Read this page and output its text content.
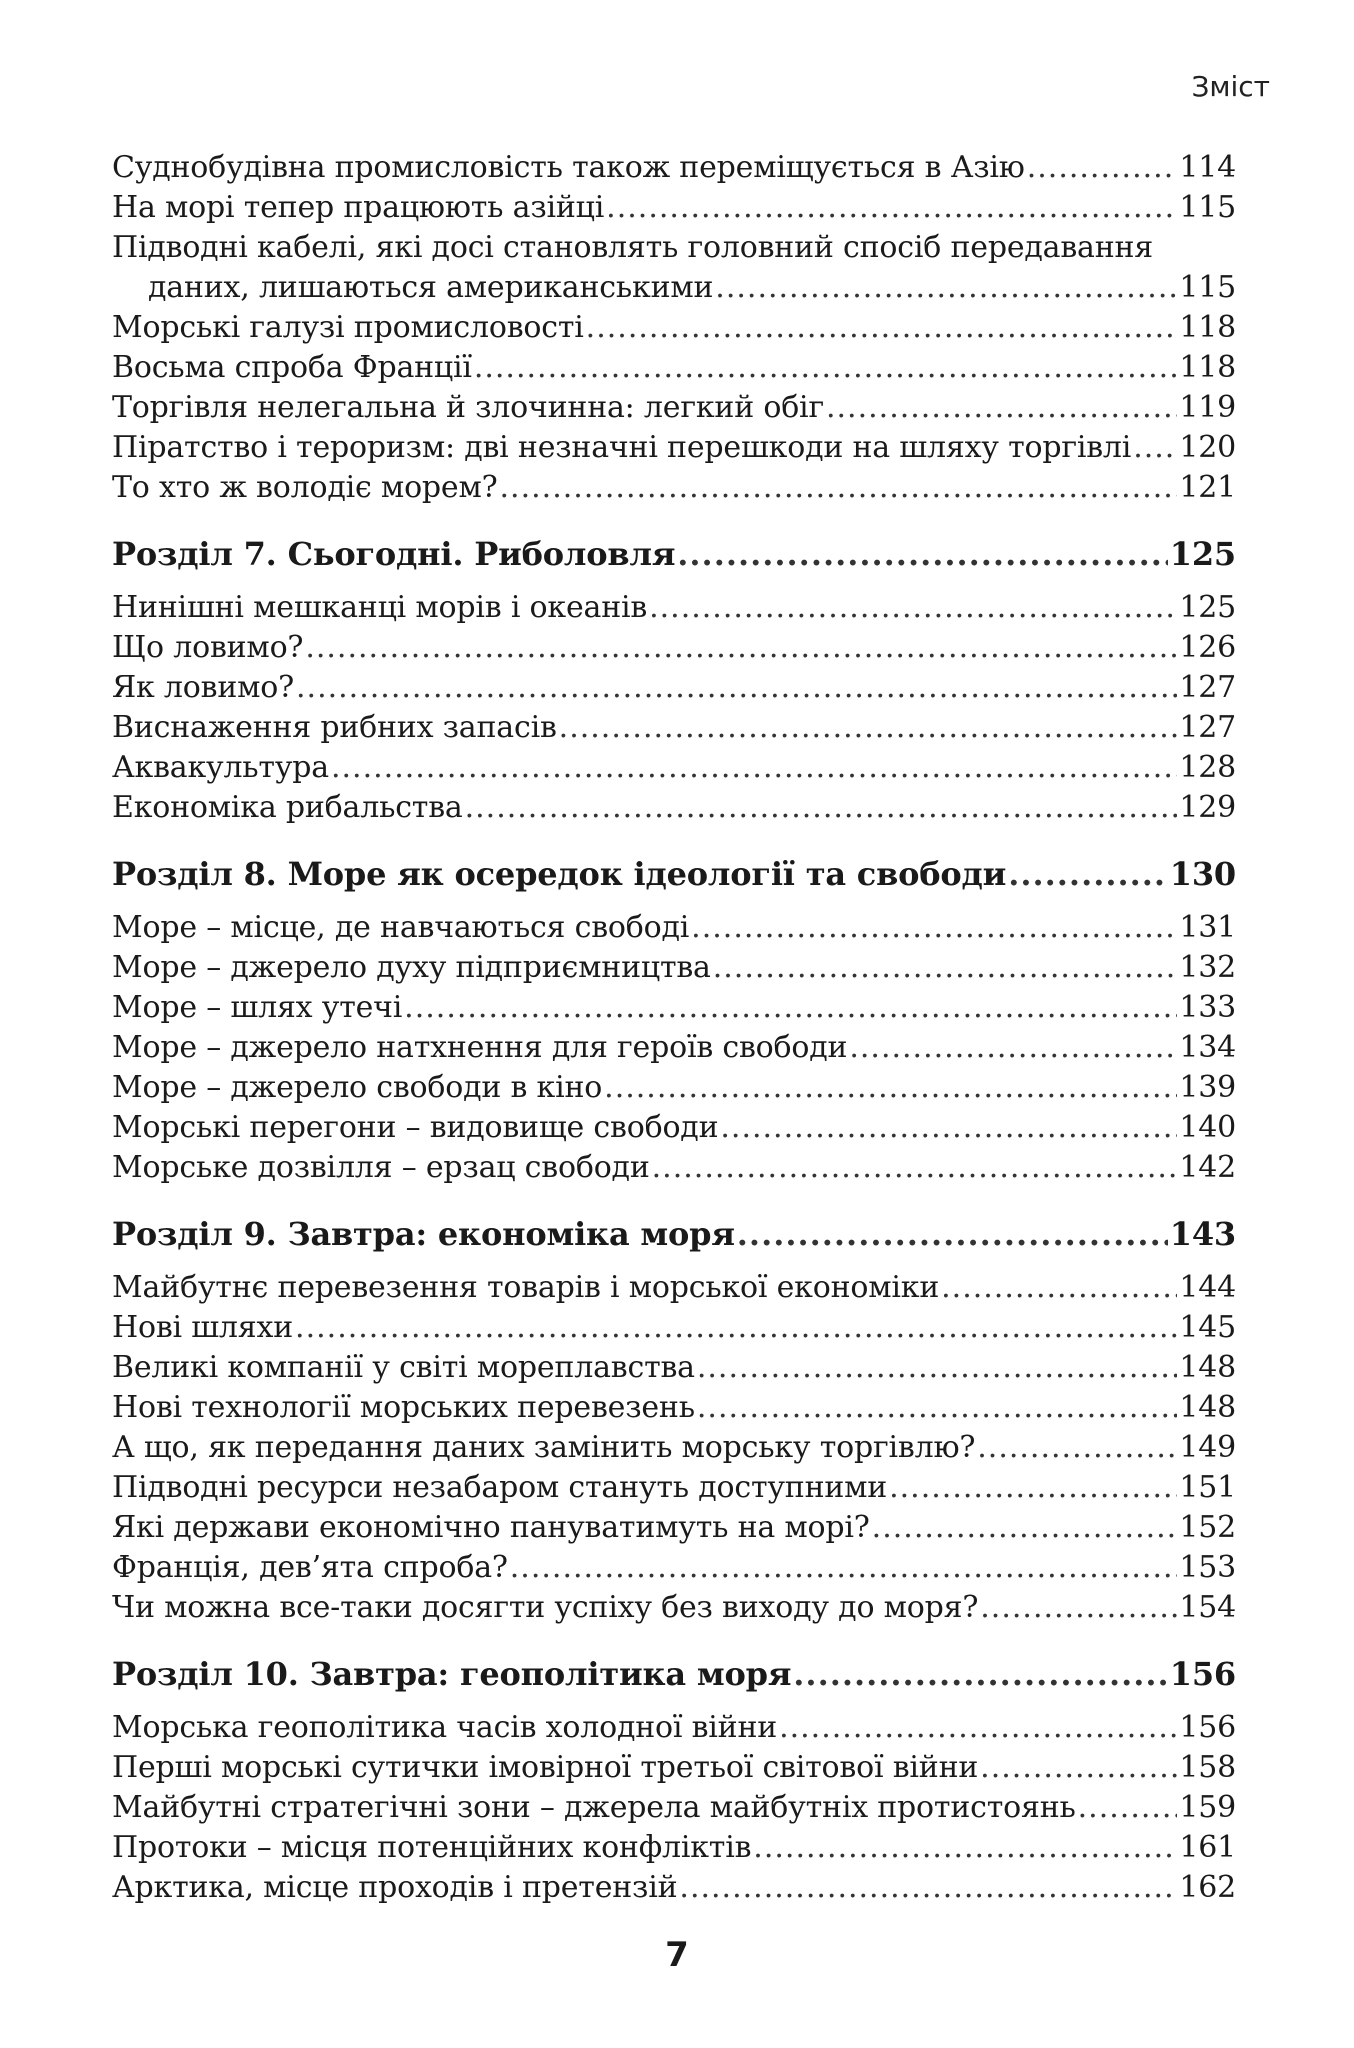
Зміст
Суднобудівна промисловість також переміщується в Азію .....	114
На морі тепер працюють азійці .....	115
Підводні кабелі, які досі становлять головний спосіб передавання
даних, лишаються американськими .....	115
Морські галузі промисловості .....	118
Восьма спроба Франції .....	118
Торгівля нелегальна й злочинна: легкий обіг .....	119
Піратство і тероризм: дві незначні перешкоди на шляху торгівлі ..... 120
То хто ж володіє морем? .....	121
Розділ 7. Сьогодні. Риболовля .....	125
Нинішні мешканці морів і океанів .....	125
Що ловимо? .....	126
Як ловимо? .....	127
Виснаження рибних запасів .....	127
Аквакультура .....	128
Економіка рибальства .....	129
Розділ 8. Море як осередок ідеології та свободи .....	130
Море – місце, де навчаються свободі .....	131
Море – джерело духу підприємництва .....	132
Море – шлях утечі .....	133
Море – джерело натхнення для героїв свободи .....	134
Море – джерело свободи в кіно .....	139
Морські перегони – видовище свободи .....	140
Морське дозвілля – ерзац свободи .....	142
Розділ 9. Завтра: економіка моря .....	143
Майбутнє перевезення товарів і морської економіки .....	144
Нові шляхи .....	145
Великі компанії у світі мореплавства .....	148
Нові технології морських перевезень .....	148
А що, як передання даних замінить морську торгівлю? .....	149
Підводні ресурси незабаром стануть доступними .....	151
Які держави економічно пануватимуть на морі? .....	152
Франція, дев’ята спроба? .....	153
Чи можна все-таки досягти успіху без виходу до моря? .....	154
Розділ 10. Завтра: геополітика моря .....	156
Морська геополітика часів холодної війни .....	156
Перші морські сутички імовірної третьої світової війни .....	158
Майбутні стратегічні зони – джерела майбутніх протистоянь .....	159
Протоки – місця потенційних конфліктів .....	161
Арктика, місце проходів і претензій .....	162
7
